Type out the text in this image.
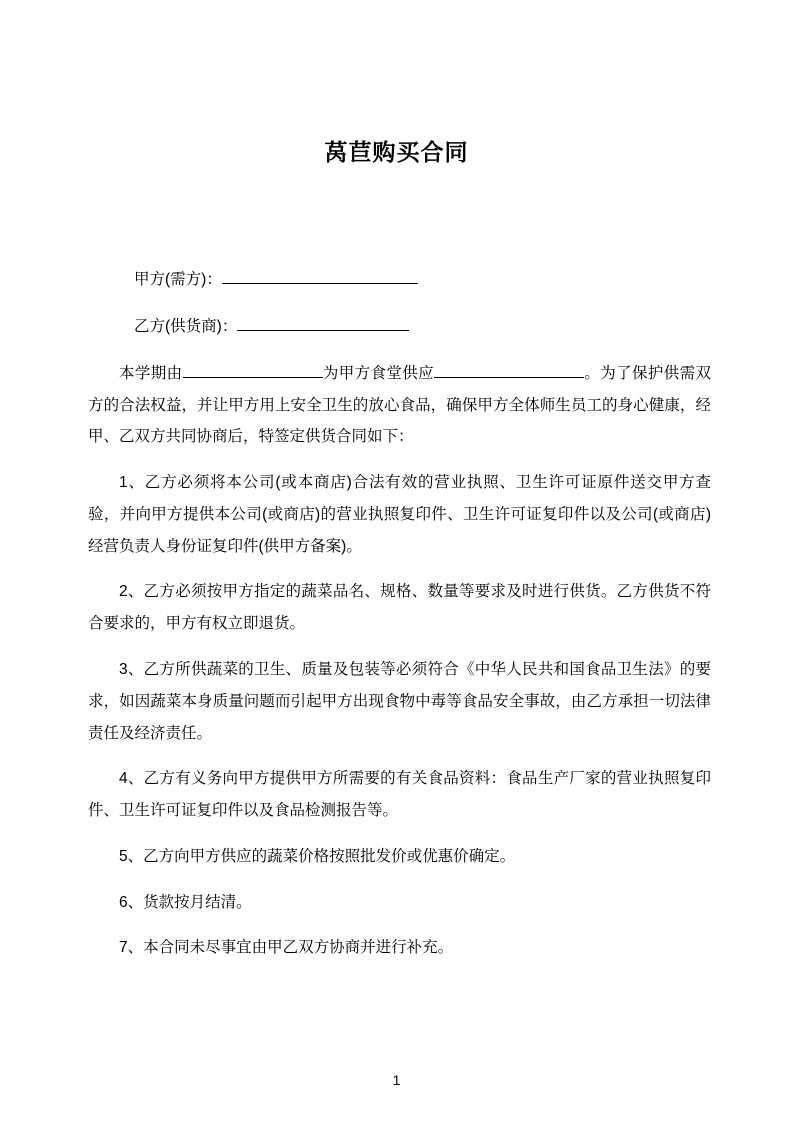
莴苣购买合同
甲方(需方)：
乙方(供货商)：

本学期由	为甲方食堂供应	。为了保护供需双方的合法权益，并让甲方用上安全卫生的放心食品，确保甲方全体师生员工的身心健康，经甲、乙双方共同协商后，特签定供货合同如下：

1、乙方必须将本公司(或本商店)合法有效的营业执照、卫生许可证原件送交甲方查验，并向甲方提供本公司(或商店)的营业执照复印件、卫生许可证复印件以及公司(或商店)经营负责人身份证复印件(供甲方备案)。

2、乙方必须按甲方指定的蔬菜品名、规格、数量等要求及时进行供货。乙方供货不符合要求的，甲方有权立即退货。

3、乙方所供蔬菜的卫生、质量及包装等必须符合《中华人民共和国食品卫生法》的要求，如因蔬菜本身质量问题而引起甲方出现食物中毒等食品安全事故，由乙方承担一切法律责任及经济责任。

4、乙方有义务向甲方提供甲方所需要的有关食品资料：食品生产厂家的营业执照复印件、卫生许可证复印件以及食品检测报告等。

5、乙方向甲方供应的蔬菜价格按照批发价或优惠价确定。

6、货款按月结清。

7、本合同未尽事宜由甲乙双方协商并进行补充。

1
